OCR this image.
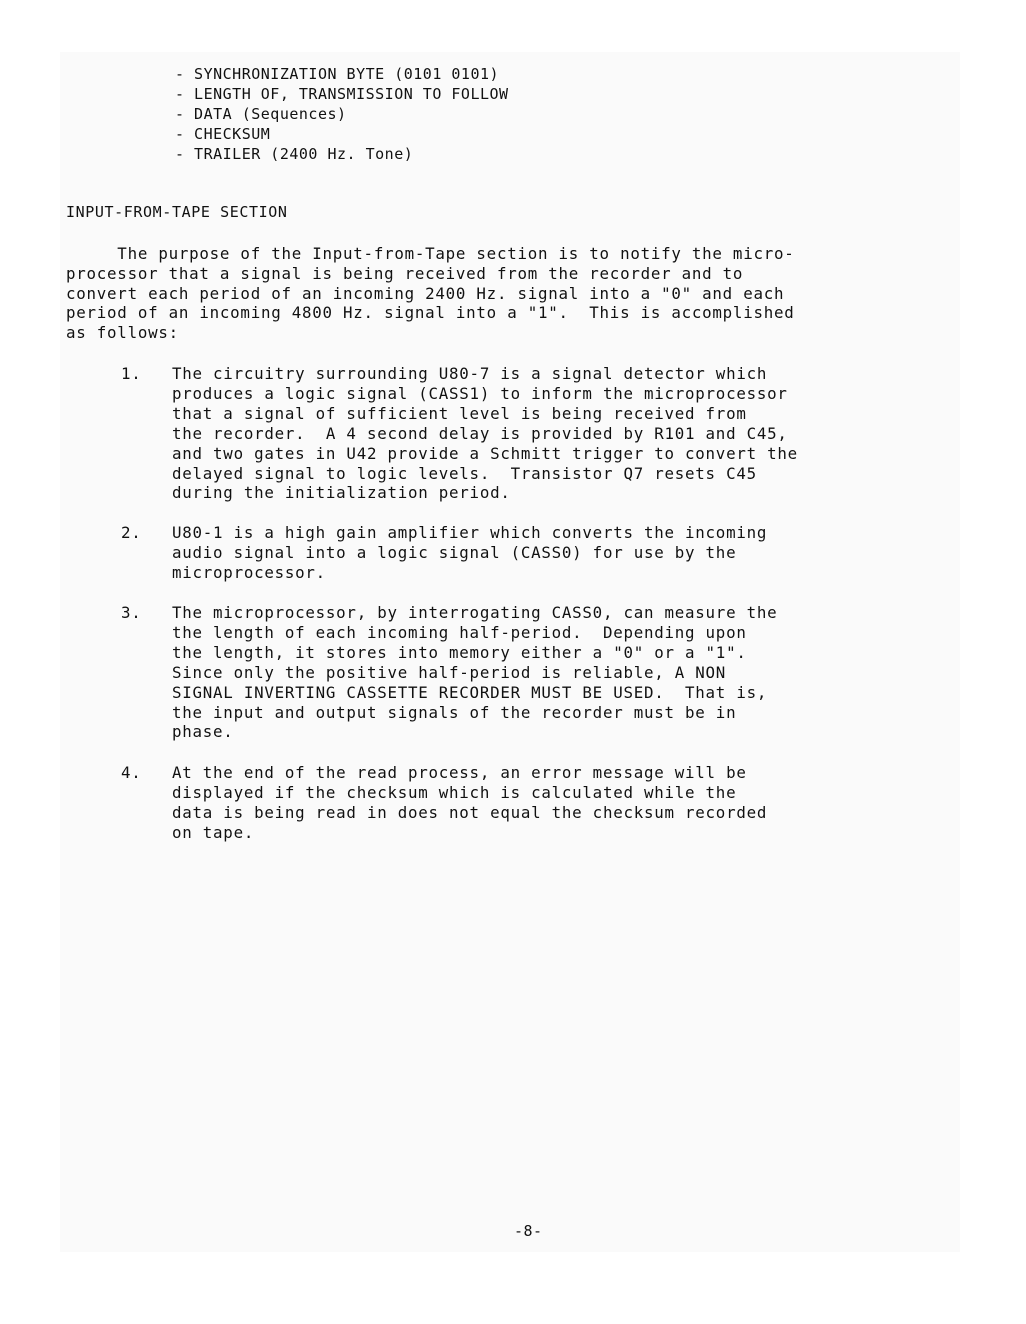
- SYNCHRONIZATION BYTE (0101 0101)
- LENGTH OF, TRANSMISSION TO FOLLOW
- DATA (Sequences)
- CHECKSUM
- TRAILER (2400 Hz. Tone)
INPUT-FROM-TAPE SECTION
The purpose of the Input-from-Tape section is to notify the micro-
processor that a signal is being received from the recorder and to
convert each period of an incoming 2400 Hz. signal into a "0" and each
period of an incoming 4800 Hz. signal into a "1".  This is accomplished
as follows:
1. The circuitry surrounding U80-7 is a signal detector which
produces a logic signal (CASS1) to inform the microprocessor
that a signal of sufficient level is being received from
the recorder.  A 4 second delay is provided by R101 and C45,
and two gates in U42 provide a Schmitt trigger to convert the
delayed signal to logic levels.  Transistor Q7 resets C45
during the initialization period.
2. U80-1 is a high gain amplifier which converts the incoming
audio signal into a logic signal (CASS0) for use by the
microprocessor.
3. The microprocessor, by interrogating CASS0, can measure the
the length of each incoming half-period.  Depending upon
the length, it stores into memory either a "0" or a "1".
Since only the positive half-period is reliable, A NON
SIGNAL INVERTING CASSETTE RECORDER MUST BE USED.  That is,
the input and output signals of the recorder must be in
phase.
4. At the end of the read process, an error message will be
displayed if the checksum which is calculated while the
data is being read in does not equal the checksum recorded
on tape.
-8-
